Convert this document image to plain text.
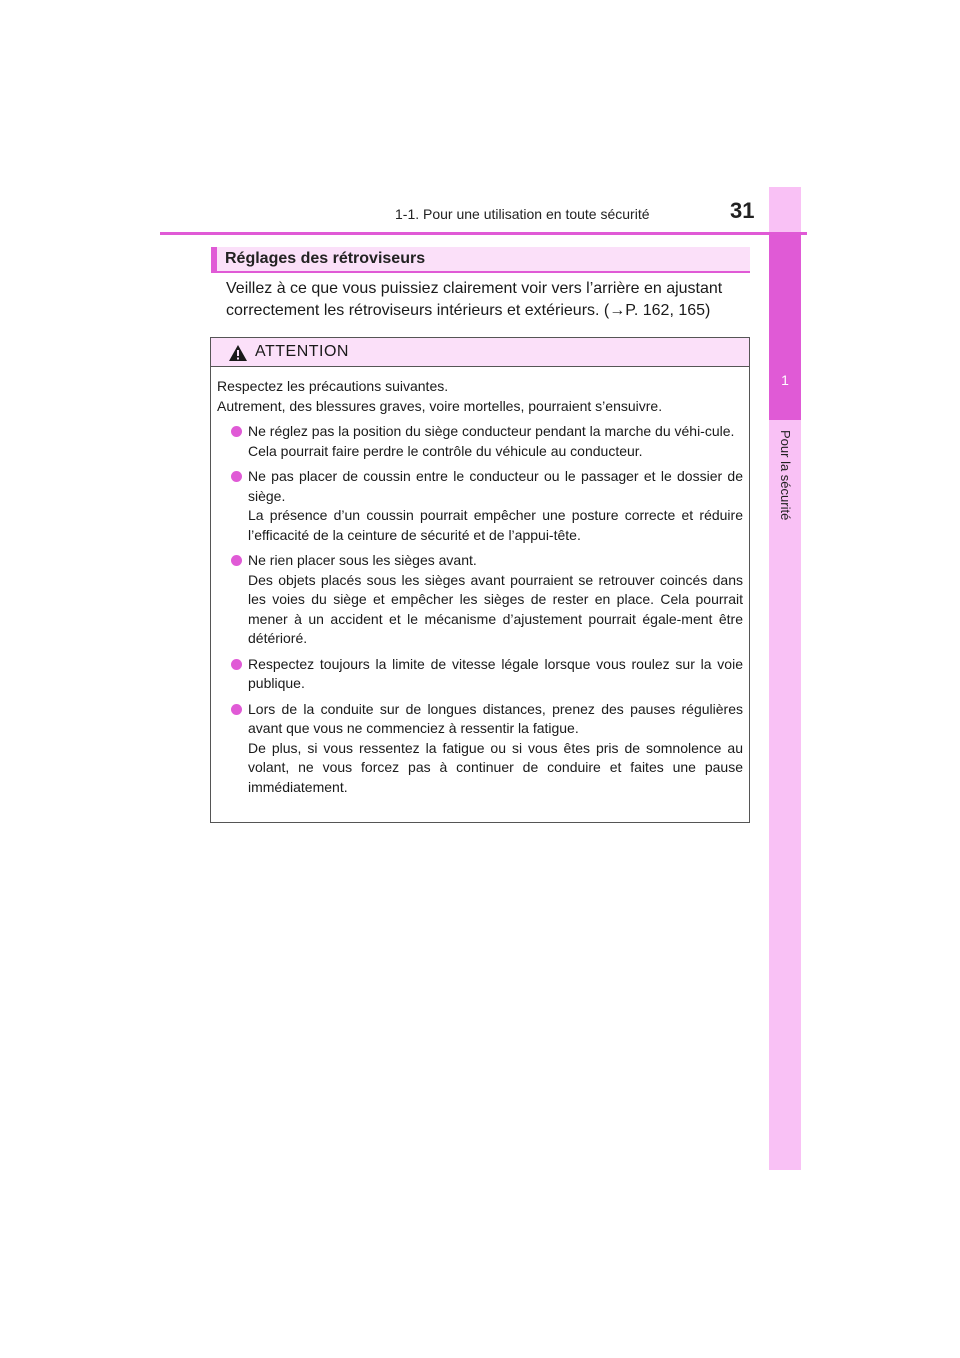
1
Pour la sécurité
1-1. Pour une utilisation en toute sécurité	31
Réglages des rétroviseurs
Veillez à ce que vous puissiez clairement voir vers l’arrière en ajustant
correctement les rétroviseurs intérieurs et extérieurs. (→P. 162, 165)
ATTENTION

Respectez les précautions suivantes.
Autrement, des blessures graves, voire mortelles, pourraient s’ensuivre.

Ne réglez pas la position du siège conducteur pendant la marche du véhi-cule.
Cela pourrait faire perdre le contrôle du véhicule au conducteur.
Ne pas placer de coussin entre le conducteur ou le passager et le dossier de siège.
La présence d’un coussin pourrait empêcher une posture correcte et réduire l’efficacité de la ceinture de sécurité et de l’appui-tête.
Ne rien placer sous les sièges avant.
Des objets placés sous les sièges avant pourraient se retrouver coincés dans les voies du siège et empêcher les sièges de rester en place. Cela pourrait mener à un accident et le mécanisme d’ajustement pourrait égale-ment être détérioré.
Respectez toujours la limite de vitesse légale lorsque vous roulez sur la voie publique.
Lors de la conduite sur de longues distances, prenez des pauses régulières avant que vous ne commenciez à ressentir la fatigue.
De plus, si vous ressentez la fatigue ou si vous êtes pris de somnolence au volant, ne vous forcez pas à continuer de conduire et faites une pause immédiatement.
